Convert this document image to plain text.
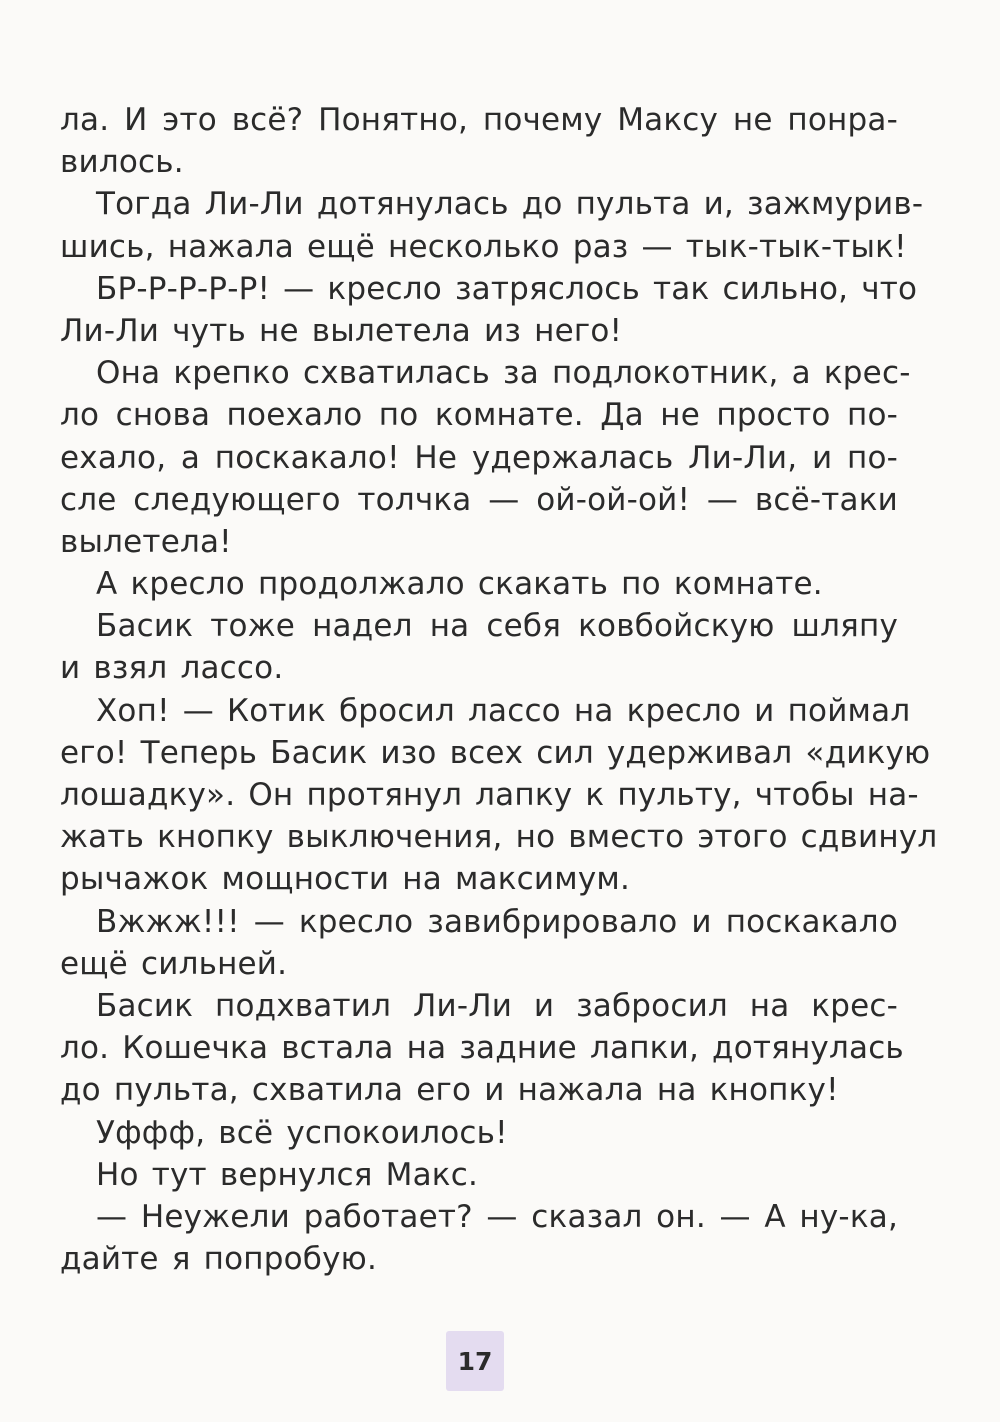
ла. И это всё? Понятно, почему Максу не понра-
вилось.
Тогда Ли-Ли дотянулась до пульта и, зажмурив-
шись, нажала ещё несколько раз — тык-тык-тык!
БР-Р-Р-Р-Р! — кресло затряслось так сильно, что
Ли-Ли чуть не вылетела из него!
Она крепко схватилась за подлокотник, а крес-
ло снова поехало по комнате. Да не просто по-
ехало, а поскакало! Не удержалась Ли-Ли, и по-
сле следующего толчка — ой-ой-ой! — всё-таки
вылетела!
А кресло продолжало скакать по комнате.
Басик тоже надел на себя ковбойскую шляпу
и взял лассо.
Хоп! — Котик бросил лассо на кресло и поймал
его! Теперь Басик изо всех сил удерживал «дикую
лошадку». Он протянул лапку к пульту, чтобы на-
жать кнопку выключения, но вместо этого сдвинул
рычажок мощности на максимум.
Вжжж!!! — кресло завибрировало и поскакало
ещё сильней.
Басик подхватил Ли-Ли и забросил на крес-
ло. Кошечка встала на задние лапки, дотянулась
до пульта, схватила его и нажала на кнопку!
Уффф, всё успокоилось!
Но тут вернулся Макс.
— Неужели работает? — сказал он. — А ну-ка,
дайте я попробую.
17
